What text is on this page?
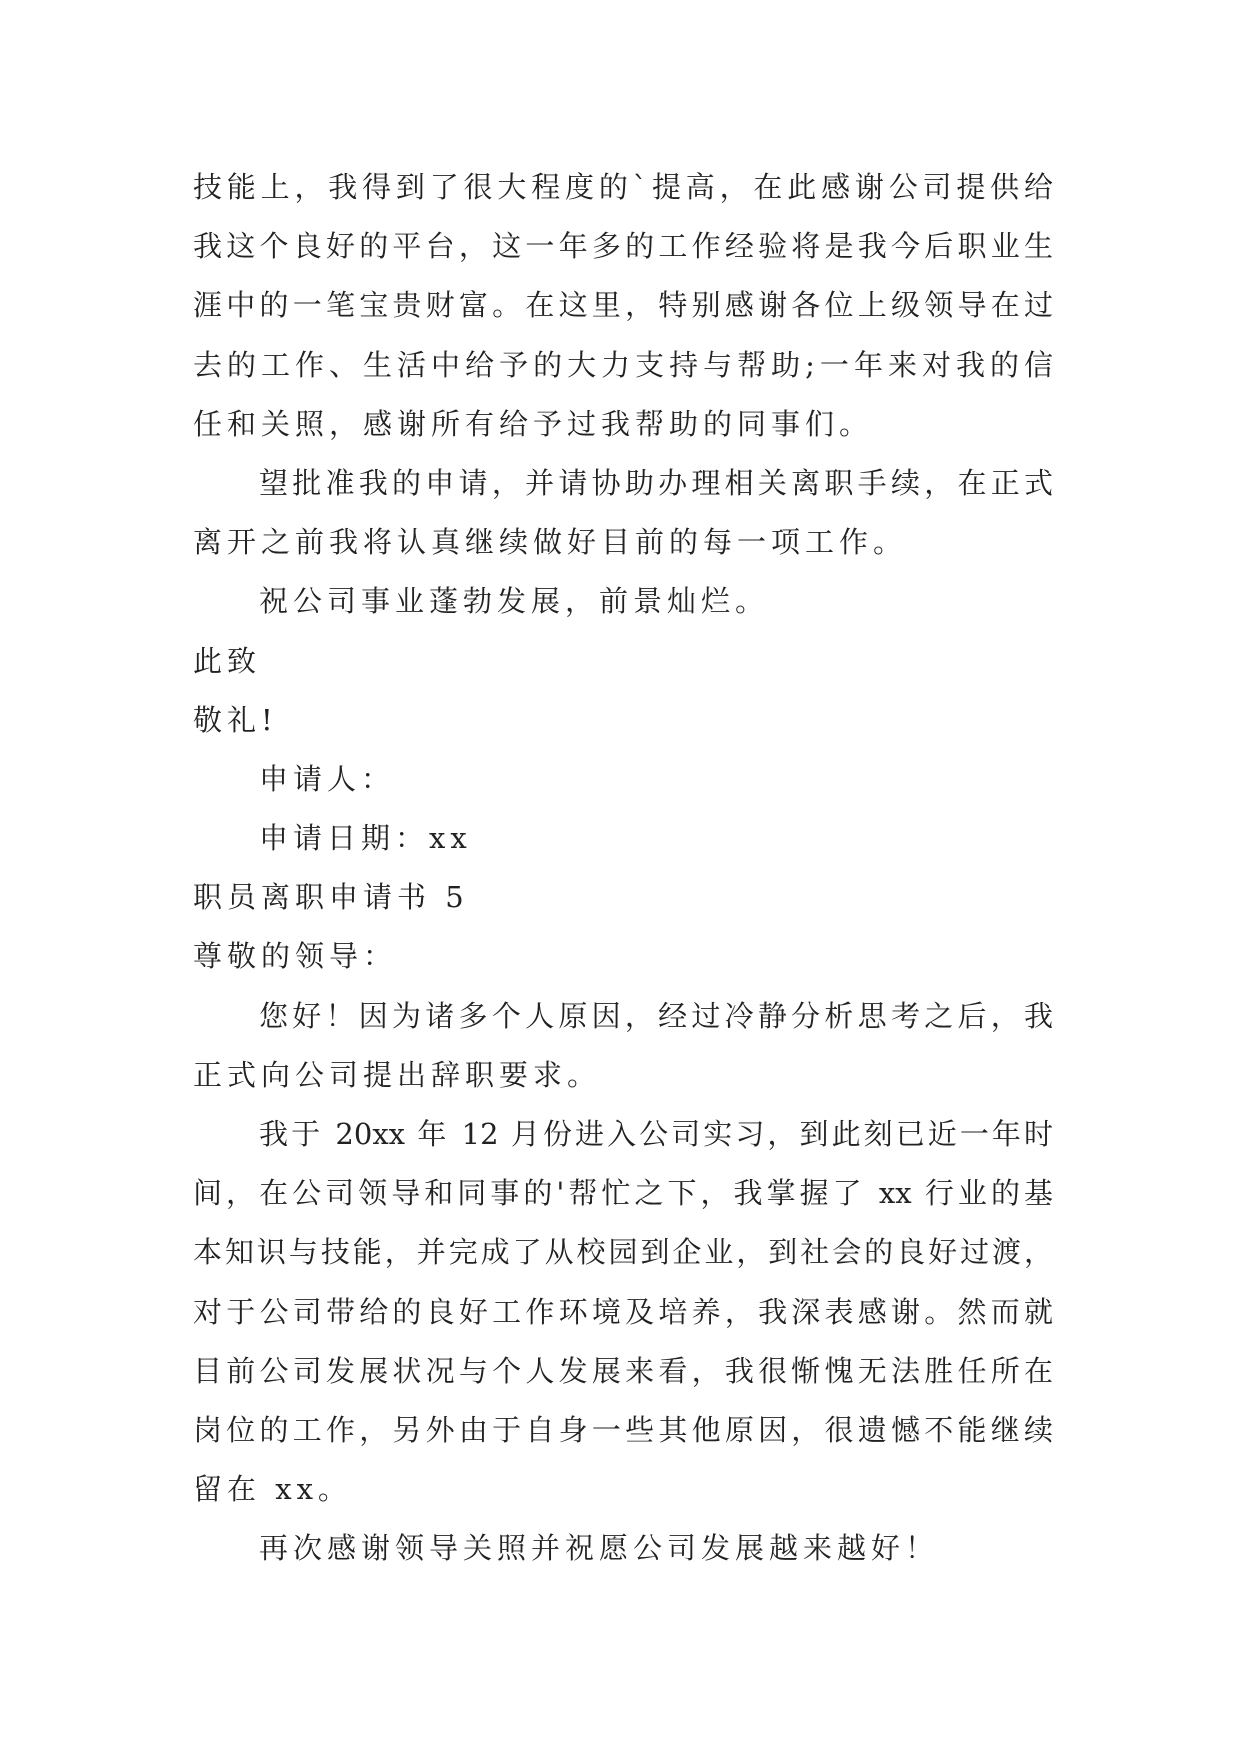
技能上，我得到了很大程度的`提高，在此感谢公司提供给
我这个良好的平台，这一年多的工作经验将是我今后职业生
涯中的一笔宝贵财富。在这里，特别感谢各位上级领导在过
去的工作、生活中给予的大力支持与帮助;一年来对我的信
任和关照，感谢所有给予过我帮助的同事们。
望批准我的申请，并请协助办理相关离职手续，在正式
离开之前我将认真继续做好目前的每一项工作。
祝公司事业蓬勃发展，前景灿烂。
此致
敬礼!
申请人：
申请日期：xx
职员离职申请书 5
尊敬的领导：
您好！因为诸多个人原因，经过冷静分析思考之后，我
正式向公司提出辞职要求。
我于 20xx 年 12 月份进入公司实习，到此刻已近一年时
间，在公司领导和同事的'帮忙之下，我掌握了 xx 行业的基
本知识与技能，并完成了从校园到企业，到社会的良好过渡，
对于公司带给的良好工作环境及培养，我深表感谢。然而就
目前公司发展状况与个人发展来看，我很惭愧无法胜任所在
岗位的工作，另外由于自身一些其他原因，很遗憾不能继续
留在 xx。
再次感谢领导关照并祝愿公司发展越来越好！
